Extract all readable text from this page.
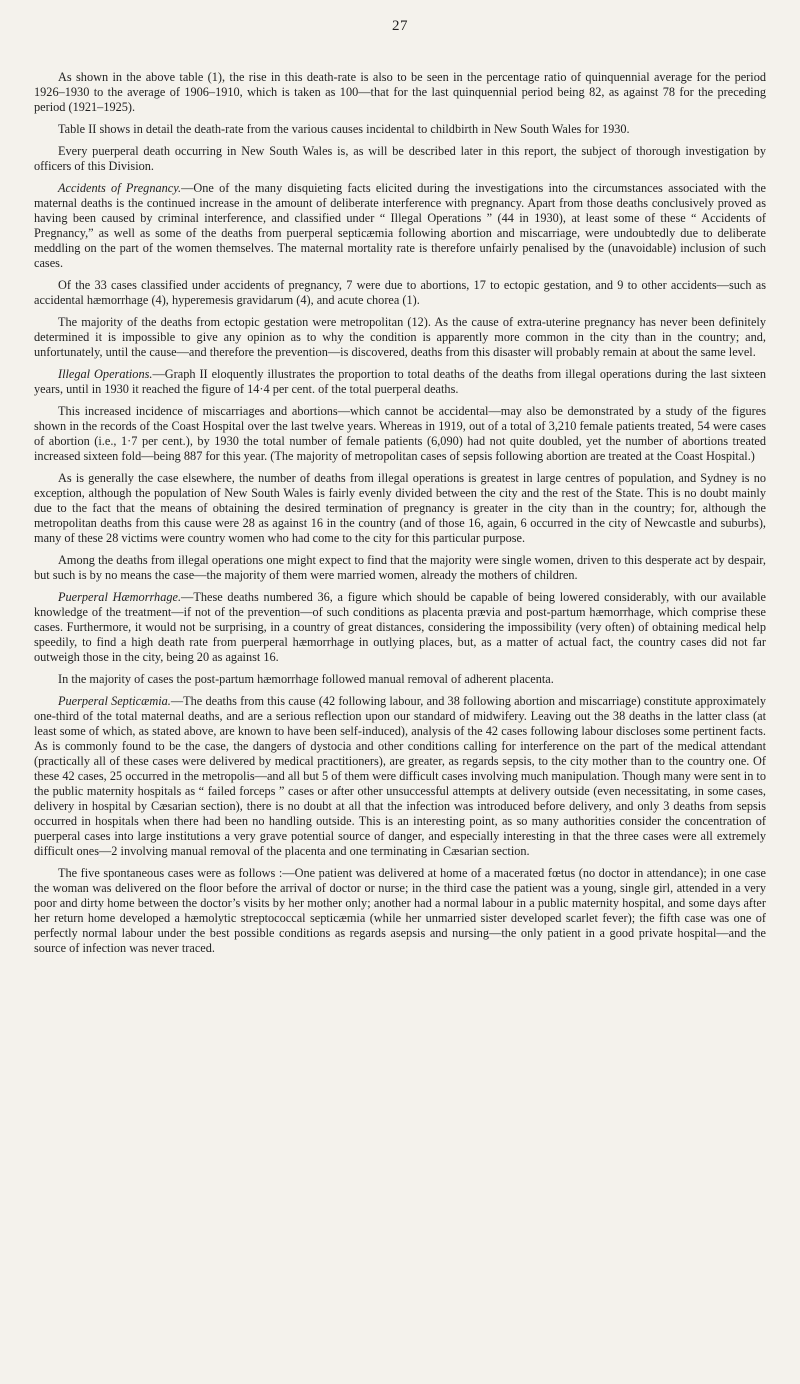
27

As shown in the above table (1), the rise in this death-rate is also to be seen in the percentage ratio of quinquennial average for the period 1926–1930 to the average of 1906–1910, which is taken as 100—that for the last quinquennial period being 82, as against 78 for the preceding period (1921–1925).

Table II shows in detail the death-rate from the various causes incidental to childbirth in New South Wales for 1930.

Every puerperal death occurring in New South Wales is, as will be described later in this report, the subject of thorough investigation by officers of this Division.

Accidents of Pregnancy.—One of the many disquieting facts elicited during the investigations into the circumstances associated with the maternal deaths is the continued increase in the amount of deliberate interference with pregnancy. Apart from those deaths conclusively proved as having been caused by criminal interference, and classified under “ Illegal Operations ” (44 in 1930), at least some of these “ Accidents of Pregnancy,” as well as some of the deaths from puerperal septicæmia following abortion and miscarriage, were undoubtedly due to deliberate meddling on the part of the women themselves. The maternal mortality rate is therefore unfairly penalised by the (unavoidable) inclusion of such cases.

Of the 33 cases classified under accidents of pregnancy, 7 were due to abortions, 17 to ectopic gestation, and 9 to other accidents—such as accidental hæmorrhage (4), hyperemesis gravidarum (4), and acute chorea (1).

The majority of the deaths from ectopic gestation were metropolitan (12). As the cause of extra-uterine pregnancy has never been definitely determined it is impossible to give any opinion as to why the condition is apparently more common in the city than in the country; and, unfortunately, until the cause—and therefore the prevention—is discovered, deaths from this disaster will probably remain at about the same level.

Illegal Operations.—Graph II eloquently illustrates the proportion to total deaths of the deaths from illegal operations during the last sixteen years, until in 1930 it reached the figure of 14·4 per cent. of the total puerperal deaths.

This increased incidence of miscarriages and abortions—which cannot be accidental—may also be demonstrated by a study of the figures shown in the records of the Coast Hospital over the last twelve years. Whereas in 1919, out of a total of 3,210 female patients treated, 54 were cases of abortion (i.e., 1·7 per cent.), by 1930 the total number of female patients (6,090) had not quite doubled, yet the number of abortions treated increased sixteen fold—being 887 for this year. (The majority of metropolitan cases of sepsis following abortion are treated at the Coast Hospital.)

As is generally the case elsewhere, the number of deaths from illegal operations is greatest in large centres of population, and Sydney is no exception, although the population of New South Wales is fairly evenly divided between the city and the rest of the State. This is no doubt mainly due to the fact that the means of obtaining the desired termination of pregnancy is greater in the city than in the country; for, although the metropolitan deaths from this cause were 28 as against 16 in the country (and of those 16, again, 6 occurred in the city of Newcastle and suburbs), many of these 28 victims were country women who had come to the city for this particular purpose.

Among the deaths from illegal operations one might expect to find that the majority were single women, driven to this desperate act by despair, but such is by no means the case—the majority of them were married women, already the mothers of children.

Puerperal Hæmorrhage.—These deaths numbered 36, a figure which should be capable of being lowered considerably, with our available knowledge of the treatment—if not of the prevention—of such conditions as placenta prævia and post-partum hæmorrhage, which comprise these cases. Furthermore, it would not be surprising, in a country of great distances, considering the impossibility (very often) of obtaining medical help speedily, to find a high death rate from puerperal hæmorrhage in outlying places, but, as a matter of actual fact, the country cases did not far outweigh those in the city, being 20 as against 16.

In the majority of cases the post-partum hæmorrhage followed manual removal of adherent placenta.

Puerperal Septicæmia.—The deaths from this cause (42 following labour, and 38 following abortion and miscarriage) constitute approximately one-third of the total maternal deaths, and are a serious reflection upon our standard of midwifery. Leaving out the 38 deaths in the latter class (at least some of which, as stated above, are known to have been self-induced), analysis of the 42 cases following labour discloses some pertinent facts. As is commonly found to be the case, the dangers of dystocia and other conditions calling for interference on the part of the medical attendant (practically all of these cases were delivered by medical practitioners), are greater, as regards sepsis, to the city mother than to the country one. Of these 42 cases, 25 occurred in the metropolis—and all but 5 of them were difficult cases involving much manipulation. Though many were sent in to the public maternity hospitals as “ failed forceps ” cases or after other unsuccessful attempts at delivery outside (even necessitating, in some cases, delivery in hospital by Cæsarian section), there is no doubt at all that the infection was introduced before delivery, and only 3 deaths from sepsis occurred in hospitals when there had been no handling outside. This is an interesting point, as so many authorities consider the concentration of puerperal cases into large institutions a very grave potential source of danger, and especially interesting in that the three cases were all extremely difficult ones—2 involving manual removal of the placenta and one terminating in Cæsarian section.

The five spontaneous cases were as follows :—One patient was delivered at home of a macerated fœtus (no doctor in attendance); in one case the woman was delivered on the floor before the arrival of doctor or nurse; in the third case the patient was a young, single girl, attended in a very poor and dirty home between the doctor’s visits by her mother only; another had a normal labour in a public maternity hospital, and some days after her return home developed a hæmolytic streptococcal septicæmia (while her unmarried sister developed scarlet fever); the fifth case was one of perfectly normal labour under the best possible conditions as regards asepsis and nursing—the only patient in a good private hospital—and the source of infection was never traced.
